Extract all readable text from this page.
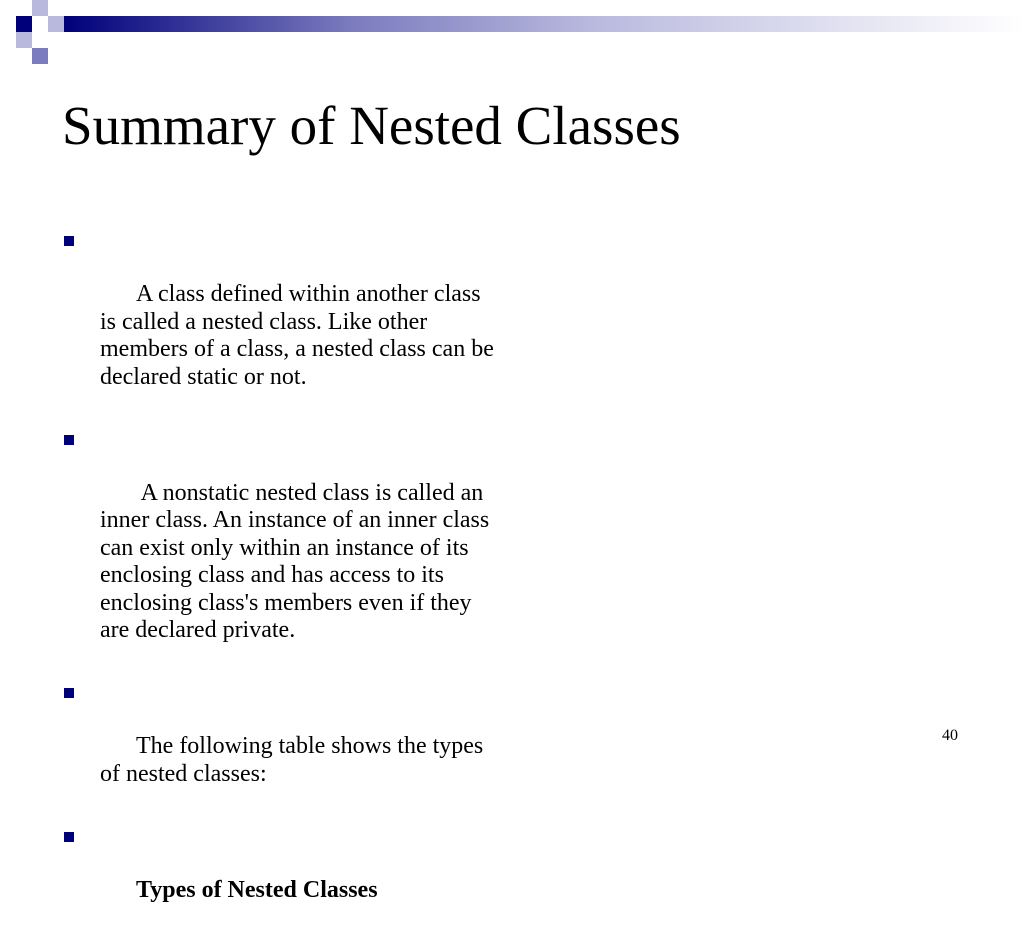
Summary of Nested Classes

A class defined within another class is called a nested class. Like other members of a class, a nested class can be declared static or not.

A nonstatic nested class is called an inner class. An instance of an inner class can exist only within an instance of its enclosing class and has access to its enclosing class's members even if they are declared private.

The following table shows the types of nested classes:

Types of Nested Classes

40
